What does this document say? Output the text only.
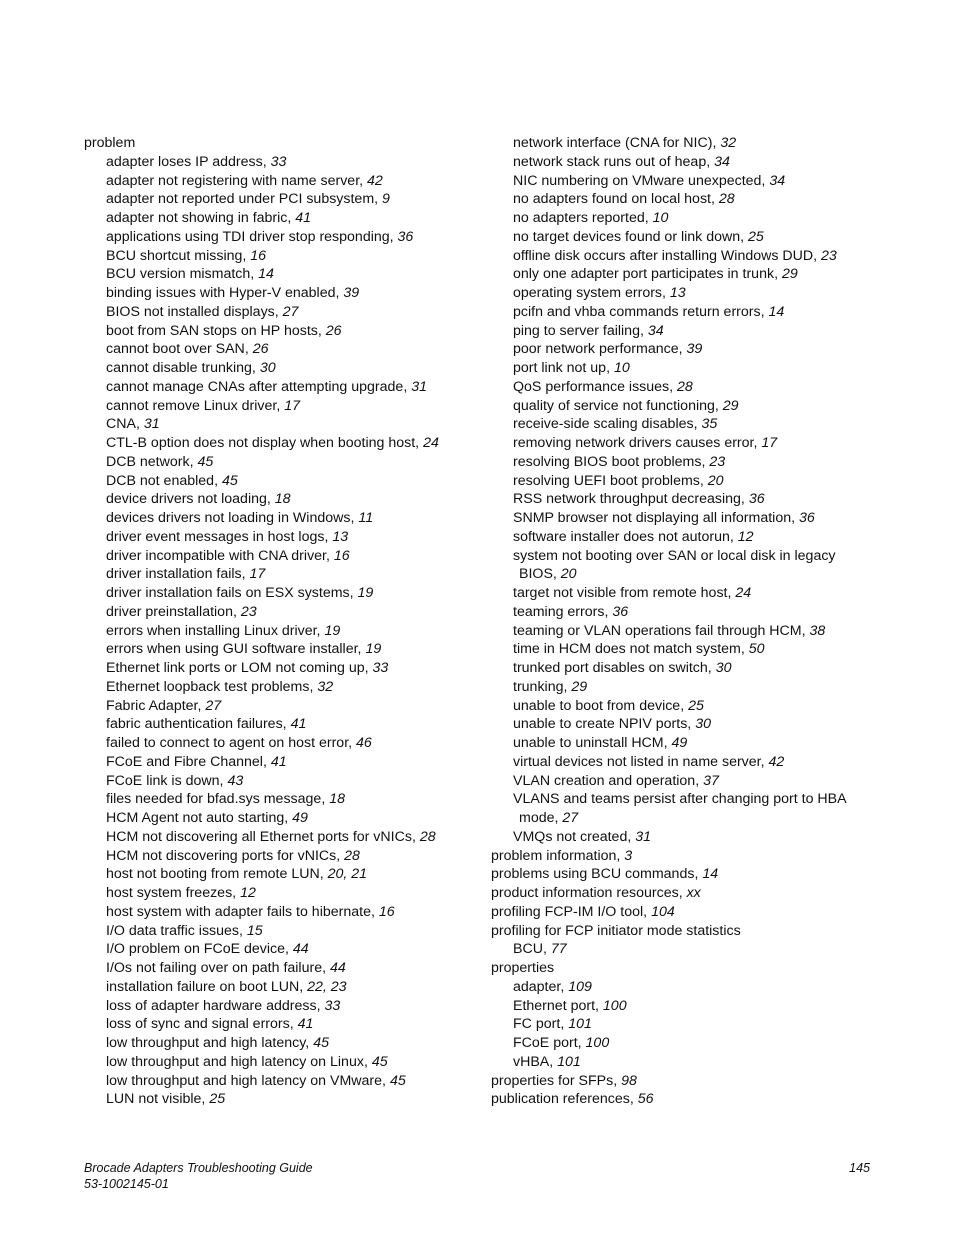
problem
adapter loses IP address, 33
adapter not registering with name server, 42
adapter not reported under PCI subsystem, 9
adapter not showing in fabric, 41
applications using TDI driver stop responding, 36
BCU shortcut missing, 16
BCU version mismatch, 14
binding issues with Hyper-V enabled, 39
BIOS not installed displays, 27
boot from SAN stops on HP hosts, 26
cannot boot over SAN, 26
cannot disable trunking, 30
cannot manage CNAs after attempting upgrade, 31
cannot remove Linux driver, 17
CNA, 31
CTL-B option does not display when booting host, 24
DCB network, 45
DCB not enabled, 45
device drivers not loading, 18
devices drivers not loading in Windows, 11
driver event messages in host logs, 13
driver incompatible with CNA driver, 16
driver installation fails, 17
driver installation fails on ESX systems, 19
driver preinstallation, 23
errors when installing Linux driver, 19
errors when using GUI software installer, 19
Ethernet link ports or LOM not coming up, 33
Ethernet loopback test problems, 32
Fabric Adapter, 27
fabric authentication failures, 41
failed to connect to agent on host error, 46
FCoE and Fibre Channel, 41
FCoE link is down, 43
files needed for bfad.sys message, 18
HCM Agent not auto starting, 49
HCM not discovering all Ethernet ports for vNICs, 28
HCM not discovering ports for vNICs, 28
host not booting from remote LUN, 20, 21
host system freezes, 12
host system with adapter fails to hibernate, 16
I/O data traffic issues, 15
I/O problem on FCoE device, 44
I/Os not failing over on path failure, 44
installation failure on boot LUN, 22, 23
loss of adapter hardware address, 33
loss of sync and signal errors, 41
low throughput and high latency, 45
low throughput and high latency on Linux, 45
low throughput and high latency on VMware, 45
LUN not visible, 25
network interface (CNA for NIC), 32
network stack runs out of heap, 34
NIC numbering on VMware unexpected, 34
no adapters found on local host, 28
no adapters reported, 10
no target devices found or link down, 25
offline disk occurs after installing Windows DUD, 23
only one adapter port participates in trunk, 29
operating system errors, 13
pcifn and vhba commands return errors, 14
ping to server failing, 34
poor network performance, 39
port link not up, 10
QoS performance issues, 28
quality of service not functioning, 29
receive-side scaling disables, 35
removing network drivers causes error, 17
resolving BIOS boot problems, 23
resolving UEFI boot problems, 20
RSS network throughput decreasing, 36
SNMP browser not displaying all information, 36
software installer does not autorun, 12
system not booting over SAN or local disk in legacy
BIOS, 20
target not visible from remote host, 24
teaming errors, 36
teaming or VLAN operations fail through HCM, 38
time in HCM does not match system, 50
trunked port disables on switch, 30
trunking, 29
unable to boot from device, 25
unable to create NPIV ports, 30
unable to uninstall HCM, 49
virtual devices not listed in name server, 42
VLAN creation and operation, 37
VLANS and teams persist after changing port to HBA
mode, 27
VMQs not created, 31
problem information, 3
problems using BCU commands, 14
product information resources, xx
profiling FCP-IM I/O tool, 104
profiling for FCP initiator mode statistics
BCU, 77
properties
adapter, 109
Ethernet port, 100
FC port, 101
FCoE port, 100
vHBA, 101
properties for SFPs, 98
publication references, 56
Brocade Adapters Troubleshooting Guide
53-1002145-01
145
